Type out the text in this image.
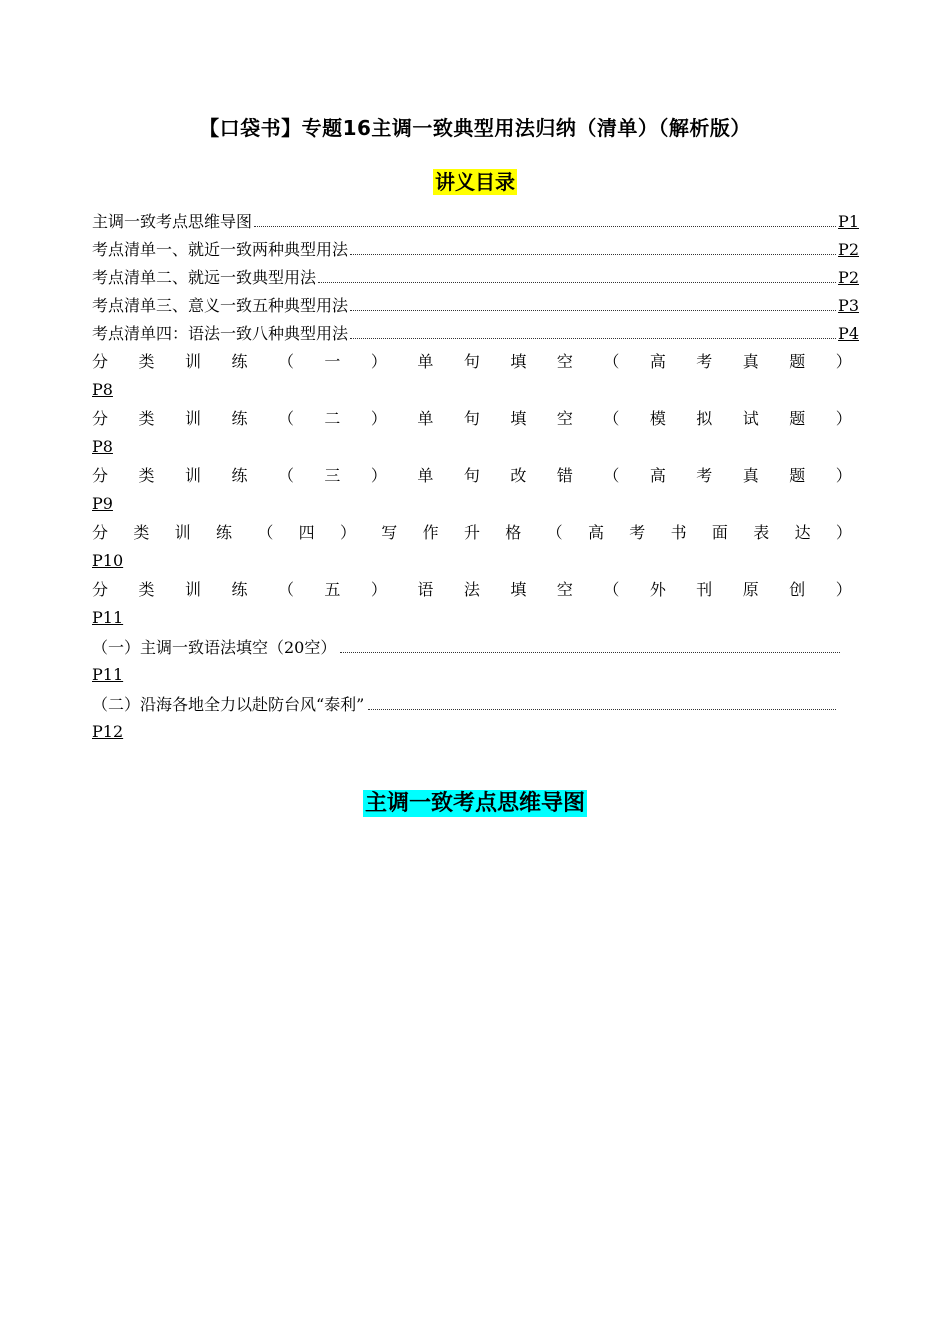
【口袋书】专题16主调一致典型用法归纳（清单）（解析版）
讲义目录
主调一致考点思维导图	P1
考点清单一、就近一致两种典型用法	P2
考点清单二、就远一致典型用法	P2
考点清单三、意义一致五种典型用法	P3
考点清单四：语法一致八种典型用法	P4
分 类 训 练 （ 一 ） 单 句 填 空 （ 高 考 真 题 ）
P8
分 类 训 练 （ 二 ） 单 句 填 空 （ 模 拟 试 题 ）
P8
分 类 训 练 （ 三 ） 单 句 改 错 （ 高 考 真 题 ）
P9
分 类 训 练 （ 四 ） 写 作 升 格 （ 高 考 书 面 表 达 ）
P10
分 类 训 练 （ 五 ） 语 法 填 空 （ 外 刊 原 创 ）
P11
（一）主调一致语法填空（20空）
P11
（二）沿海各地全力以赴防台风“泰利”
P12
主调一致考点思维导图
